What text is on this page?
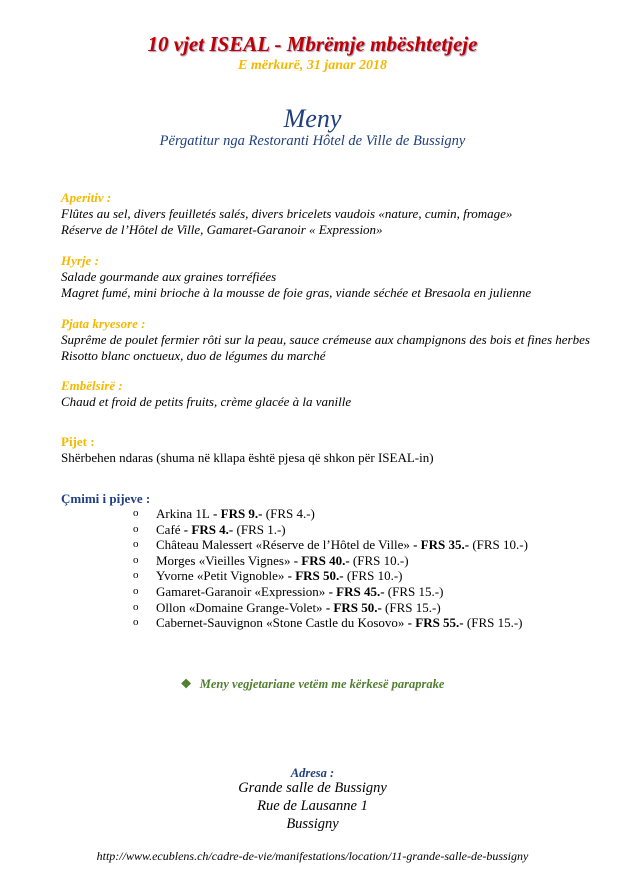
10 vjet ISEAL - Mbrëmje mbështetjeje
E mërkurë, 31 janar 2018
Meny
Përgatitur nga Restoranti Hôtel de Ville de Bussigny
Aperitiv :
Flûtes au sel, divers feuilletés salés, divers bricelets vaudois «nature, cumin, fromage»
Réserve de l’Hôtel de Ville, Gamaret-Garanoir « Expression»
Hyrje :
Salade gourmande aux graines torréfiées
Magret fumé, mini brioche à la mousse de foie gras, viande séchée et Bresaola en julienne
Pjata kryesore :
Suprême de poulet fermier rôti sur la peau, sauce crémeuse aux champignons des bois et fines herbes
Risotto blanc onctueux, duo de légumes du marché
Embëlsirë :
Chaud et froid de petits fruits, crème glacée à la vanille
Pijet :
Shërbehen ndaras (shuma në kllapa është pjesa që shkon për ISEAL-in)
Çmimi i pijeve :
o Arkina 1L - FRS 9.- (FRS 4.-)
o Café - FRS 4.- (FRS 1.-)
o Château Malessert «Réserve de l’Hôtel de Ville» - FRS 35.- (FRS 10.-)
o Morges «Vieilles Vignes» - FRS 40.- (FRS 10.-)
o Yvorne «Petit Vignoble» - FRS 50.- (FRS 10.-)
o Gamaret-Garanoir «Expression» - FRS 45.- (FRS 15.-)
o Ollon «Domaine Grange-Volet» - FRS 50.- (FRS 15.-)
o Cabernet-Sauvignon «Stone Castle du Kosovo» - FRS 55.- (FRS 15.-)
❖ Meny vegjetariane vetëm me kërkesë paraprake
Adresa :
Grande salle de Bussigny
Rue de Lausanne 1
Bussigny
http://www.ecublens.ch/cadre-de-vie/manifestations/location/11-grande-salle-de-bussigny
